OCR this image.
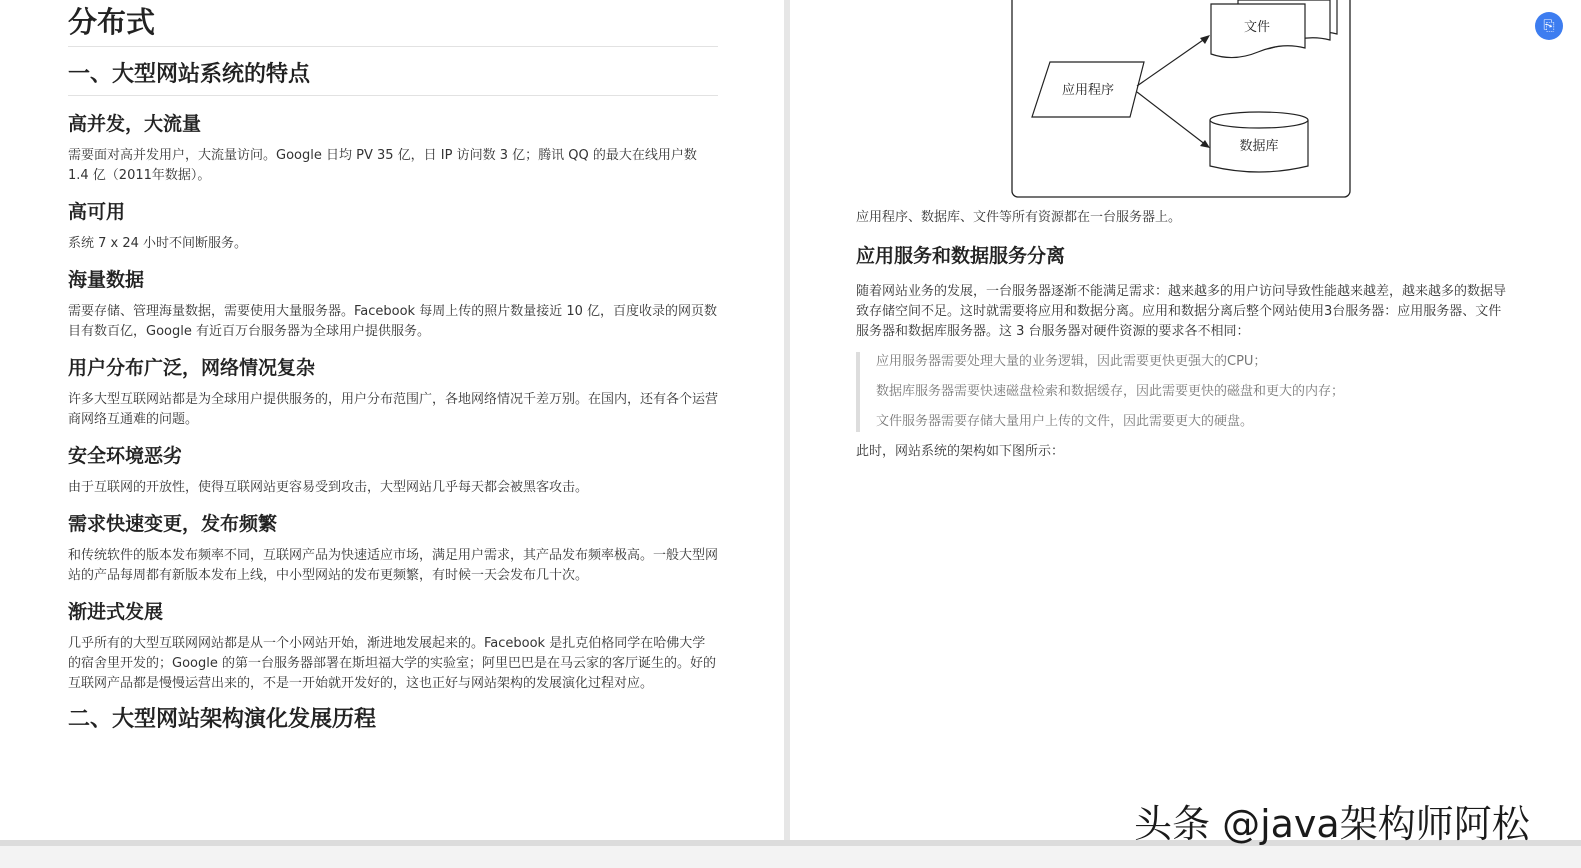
分布式
一、大型网站系统的特点
高并发，大流量

需要面对高并发用户，大流量访问。Google 日均 PV 35 亿，日 IP 访问数 3 亿；腾讯 QQ 的最大在线用户数 1.4 亿（2011年数据）。

高可用

系统 7 x 24 小时不间断服务。

海量数据

需要存储、管理海量数据，需要使用大量服务器。Facebook 每周上传的照片数量接近 10 亿，百度收录的网页数目有数百亿，Google 有近百万台服务器为全球用户提供服务。

用户分布广泛，网络情况复杂

许多大型互联网站都是为全球用户提供服务的，用户分布范围广，各地网络情况千差万别。在国内，还有各个运营商网络互通难的问题。

安全环境恶劣

由于互联网的开放性，使得互联网站更容易受到攻击，大型网站几乎每天都会被黑客攻击。

需求快速变更，发布频繁

和传统软件的版本发布频率不同，互联网产品为快速适应市场，满足用户需求，其产品发布频率极高。一般大型网站的产品每周都有新版本发布上线，中小型网站的发布更频繁，有时候一天会发布几十次。

渐进式发展

几乎所有的大型互联网网站都是从一个小网站开始，渐进地发展起来的。Facebook 是扎克伯格同学在哈佛大学的宿舍里开发的；Google 的第一台服务器部署在斯坦福大学的实验室；阿里巴巴是在马云家的客厅诞生的。好的互联网产品都是慢慢运营出来的，不是一开始就开发好的，这也正好与网站架构的发展演化过程对应。

二、大型网站架构演化发展历程
文件
应用程序
数据库

应用程序、数据库、文件等所有资源都在一台服务器上。

应用服务和数据服务分离

随着网站业务的发展，一台服务器逐渐不能满足需求：越来越多的用户访问导致性能越来越差，越来越多的数据导致存储空间不足。这时就需要将应用和数据分离。应用和数据分离后整个网站使用3台服务器：应用服务器、文件服务器和数据库服务器。这 3 台服务器对硬件资源的要求各不相同：

应用服务器需要处理大量的业务逻辑，因此需要更快更强大的CPU；

数据库服务器需要快速磁盘检索和数据缓存，因此需要更快的磁盘和更大的内存；

文件服务器需要存储大量用户上传的文件，因此需要更大的硬盘。

此时，网站系统的架构如下图所示：

⎘
头条 @java架构师阿松
